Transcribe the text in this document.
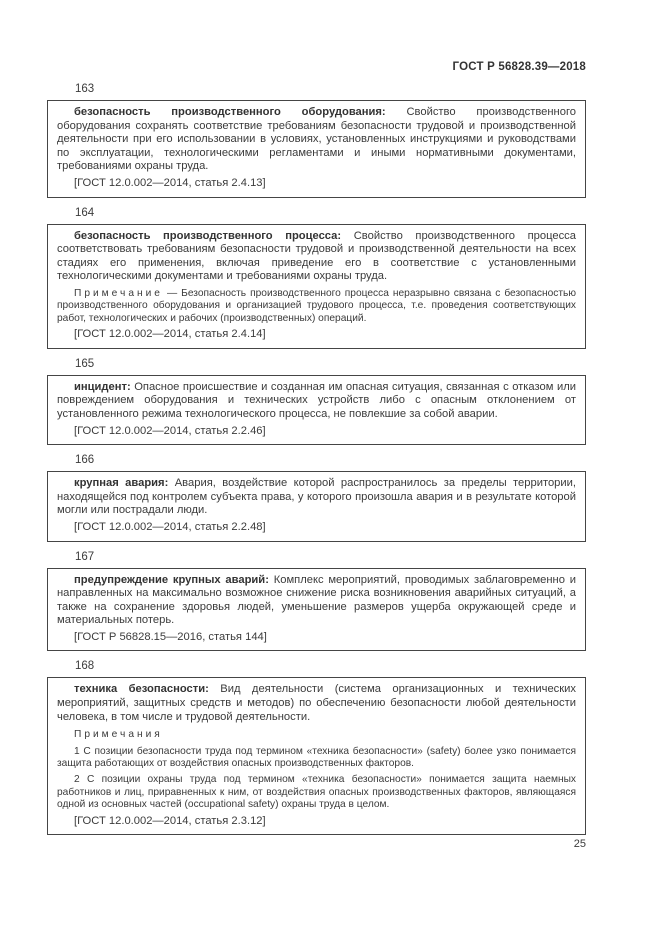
ГОСТ Р 56828.39—2018
163

безопасность производственного оборудования: Свойство производственного оборудования сохранять соответствие требованиям безопасности трудовой и производственной деятельности при его использовании в условиях, установленных инструкциями и руководствами по эксплуатации, технологическими регламентами и иными нормативными документами, требованиями охраны труда.

[ГОСТ 12.0.002—2014, статья 2.4.13]

164

безопасность производственного процесса: Свойство производственного процесса соответствовать требованиям безопасности трудовой и производственной деятельности на всех стадиях его применения, включая приведение его в соответствие с установленными технологическими документами и требованиями охраны труда.

Примечание — Безопасность производственного процесса неразрывно связана с безопасностью производственного оборудования и организацией трудового процесса, т.е. проведения соответствующих работ, технологических и рабочих (производственных) операций.

[ГОСТ 12.0.002—2014, статья 2.4.14]

165

инцидент: Опасное происшествие и созданная им опасная ситуация, связанная с отказом или повреждением оборудования и технических устройств либо с опасным отклонением от установленного режима технологического процесса, не повлекшие за собой аварии.

[ГОСТ 12.0.002—2014, статья 2.2.46]

166

крупная авария: Авария, воздействие которой распространилось за пределы территории, находящейся под контролем субъекта права, у которого произошла авария и в результате которой могли или пострадали люди.

[ГОСТ 12.0.002—2014, статья 2.2.48]

167

предупреждение крупных аварий: Комплекс мероприятий, проводимых заблаговременно и направленных на максимально возможное снижение риска возникновения аварийных ситуаций, а также на сохранение здоровья людей, уменьшение размеров ущерба окружающей среде и материальных потерь.

[ГОСТ Р 56828.15—2016, статья 144]

168

техника безопасности: Вид деятельности (система организационных и технических мероприятий, защитных средств и методов) по обеспечению безопасности любой деятельности человека, в том числе и трудовой деятельности.

Примечания

1 С позиции безопасности труда под термином «техника безопасности» (safety) более узко понимается защита работающих от воздействия опасных производственных факторов.

2 С позиции охраны труда под термином «техника безопасности» понимается защита наемных работников и лиц, приравненных к ним, от воздействия опасных производственных факторов, являющаяся одной из основных частей (occupational safety) охраны труда в целом.

[ГОСТ 12.0.002—2014, статья 2.3.12]

25
